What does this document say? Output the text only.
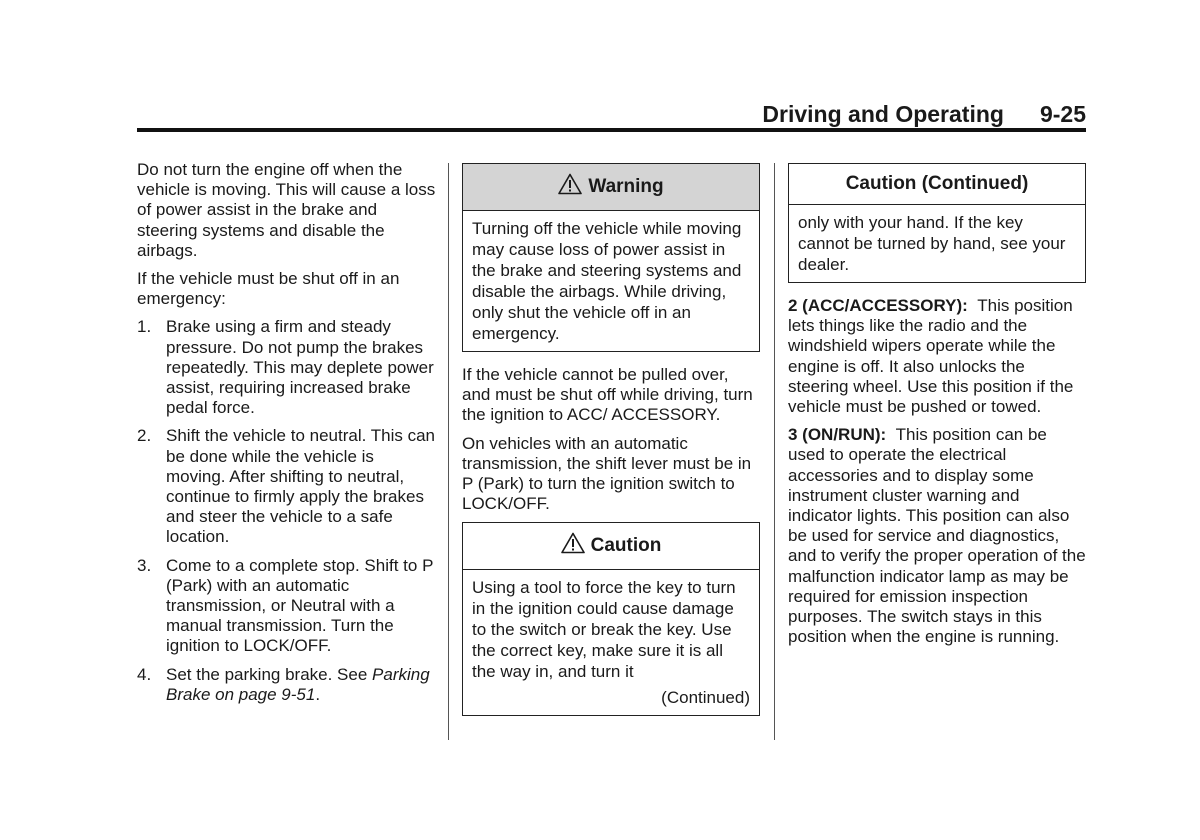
Driving and Operating 9-25

Do not turn the engine off when the vehicle is moving. This will cause a loss of power assist in the brake and steering systems and disable the airbags.

If the vehicle must be shut off in an emergency:

1. Brake using a firm and steady pressure. Do not pump the brakes repeatedly. This may deplete power assist, requiring increased brake pedal force.
2. Shift the vehicle to neutral. This can be done while the vehicle is moving. After shifting to neutral, continue to firmly apply the brakes and steer the vehicle to a safe location.
3. Come to a complete stop. Shift to P (Park) with an automatic transmission, or Neutral with a manual transmission. Turn the ignition to LOCK/OFF.
4. Set the parking brake. See Parking Brake on page 9-51.
Warning
Turning off the vehicle while moving may cause loss of power assist in the brake and steering systems and disable the airbags. While driving, only shut the vehicle off in an emergency.

If the vehicle cannot be pulled over, and must be shut off while driving, turn the ignition to ACC/ ACCESSORY.

On vehicles with an automatic transmission, the shift lever must be in P (Park) to turn the ignition switch to LOCK/OFF.

Caution
Using a tool to force the key to turn in the ignition could cause damage to the switch or break the key. Use the correct key, make sure it is all the way in, and turn it
(Continued)
Caution (Continued)
only with your hand. If the key cannot be turned by hand, see your dealer.

2 (ACC/ACCESSORY): This position lets things like the radio and the windshield wipers operate while the engine is off. It also unlocks the steering wheel. Use this position if the vehicle must be pushed or towed.

3 (ON/RUN): This position can be used to operate the electrical accessories and to display some instrument cluster warning and indicator lights. This position can also be used for service and diagnostics, and to verify the proper operation of the malfunction indicator lamp as may be required for emission inspection purposes. The switch stays in this position when the engine is running.
